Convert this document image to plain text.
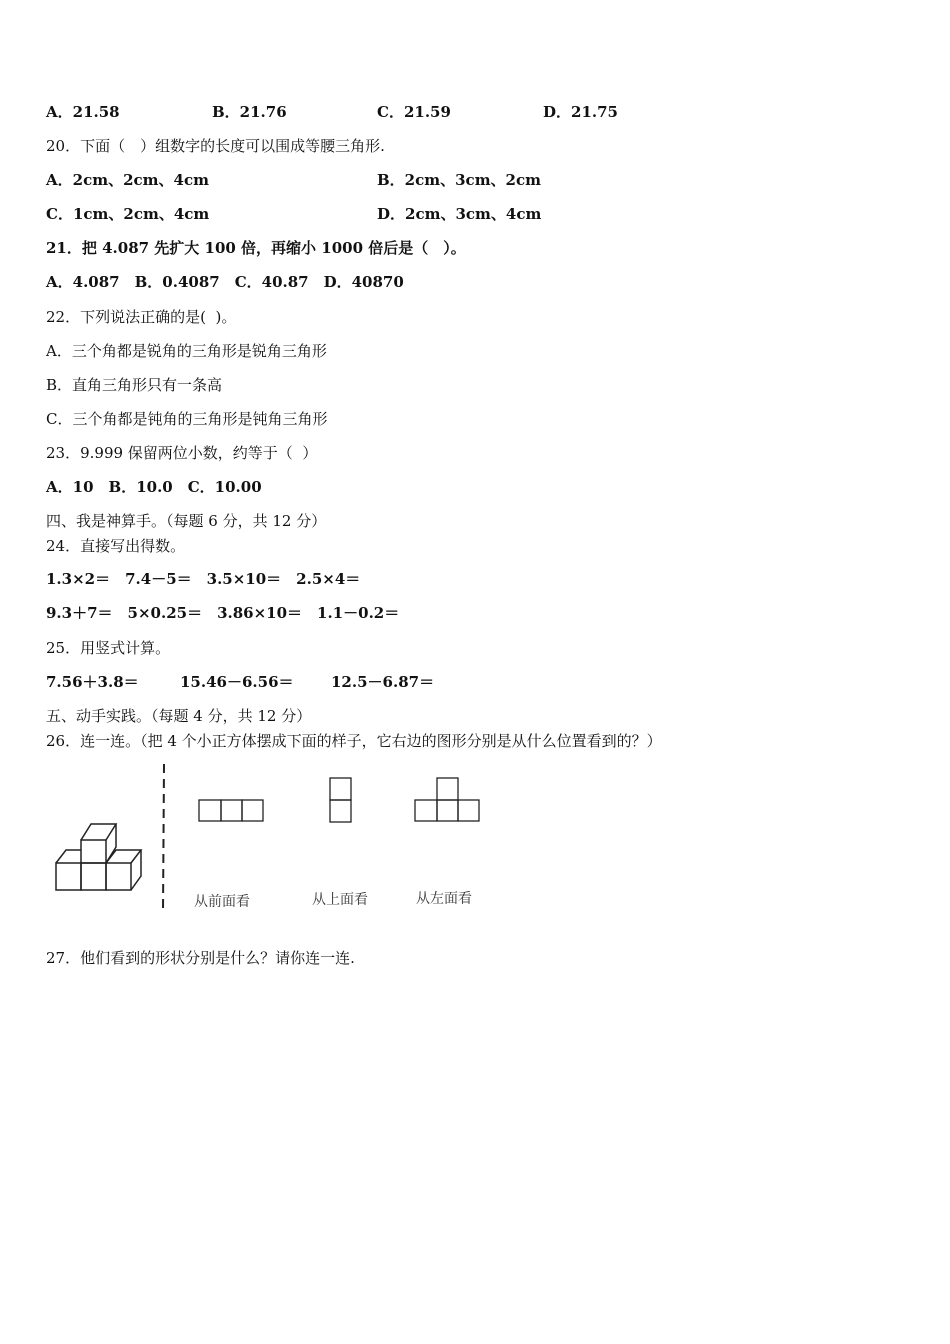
A．21.58	B．21.76	C．21.59	D．21.75
20．下面（　）组数字的长度可以围成等腰三角形.
A．2cm、2cm、4cm	B．2cm、3cm、2cm
C．1cm、2cm、4cm	D．2cm、3cm、4cm
21．把 4.087 先扩大 100 倍，再缩小 1000 倍后是（　）。
A．4.087　B．0.4087　C．40.87　D．40870
22．下列说法正确的是(  )。
A．三个角都是锐角的三角形是锐角三角形
B．直角三角形只有一条高
C．三个角都是钝角的三角形是钝角三角形
23．9.999 保留两位小数，约等于（  ）
A．10　B．10.0　C．10.00
四、我是神算手。（每题 6 分，共 12 分）
24．直接写出得数。
1.3×2＝　7.4－5＝　3.5×10＝　2.5×4＝
9.3＋7＝　5×0.25＝　3.86×10＝　1.1－0.2＝
25．用竖式计算。
7.56＋3.8＝	15.46－6.56＝ 12.5－6.87＝
五、动手实践。（每题 4 分，共 12 分）
26．连一连。（把 4 个小正方体摆成下面的样子，它右边的图形分别是从什么位置看到的？）
从前面看	从上面看	从左面看
27．他们看到的形状分别是什么？请你连一连.
